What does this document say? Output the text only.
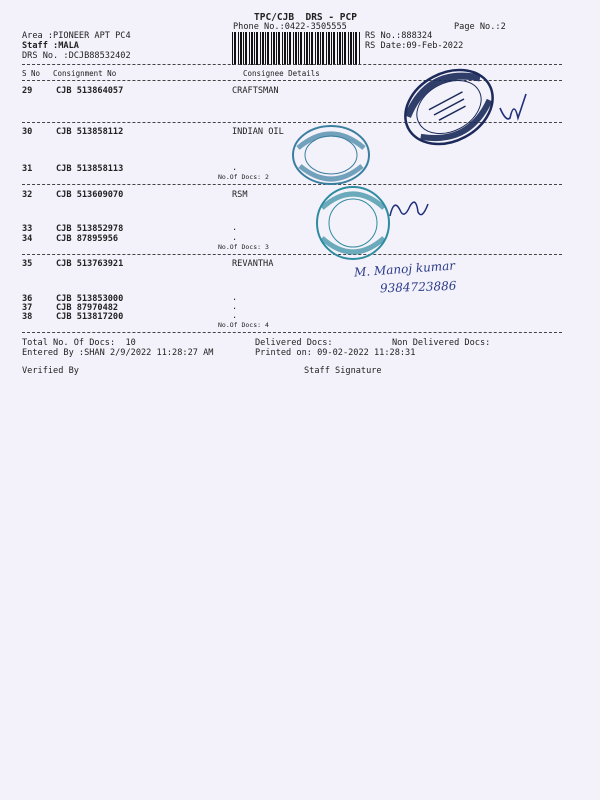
TPC/CJB  DRS - PCP
Phone No.:0422-3505555	Page No.:2
Area :PIONEER APT PC4
Staff :MALA
DRS No. :DCJB88532402
RS No.:888324
RS Date:09-Feb-2022
S No Consignment No	Consignee Details
29	CJB 513864057	CRAFTSMAN
30	CJB 513858112	INDIAN OIL
31	CJB 513858113	.
No.Of Docs: 2
32	CJB 513609070	RSM
33	CJB 513852978	.
34	CJB 87895956	.
No.Of Docs: 3
35	CJB 513763921	REVANTHA
36	CJB 513853000	.
37	CJB 87970482	.
38	CJB 513817200	.
No.Of Docs: 4
Total No. Of Docs:  10	Delivered Docs:	Non Delivered Docs:
Entered By :SHAN 2/9/2022 11:28:27 AM	Printed on: 09-02-2022 11:28:31
Verified By	Staff Signature
M. Manoj kumar
9384723886
